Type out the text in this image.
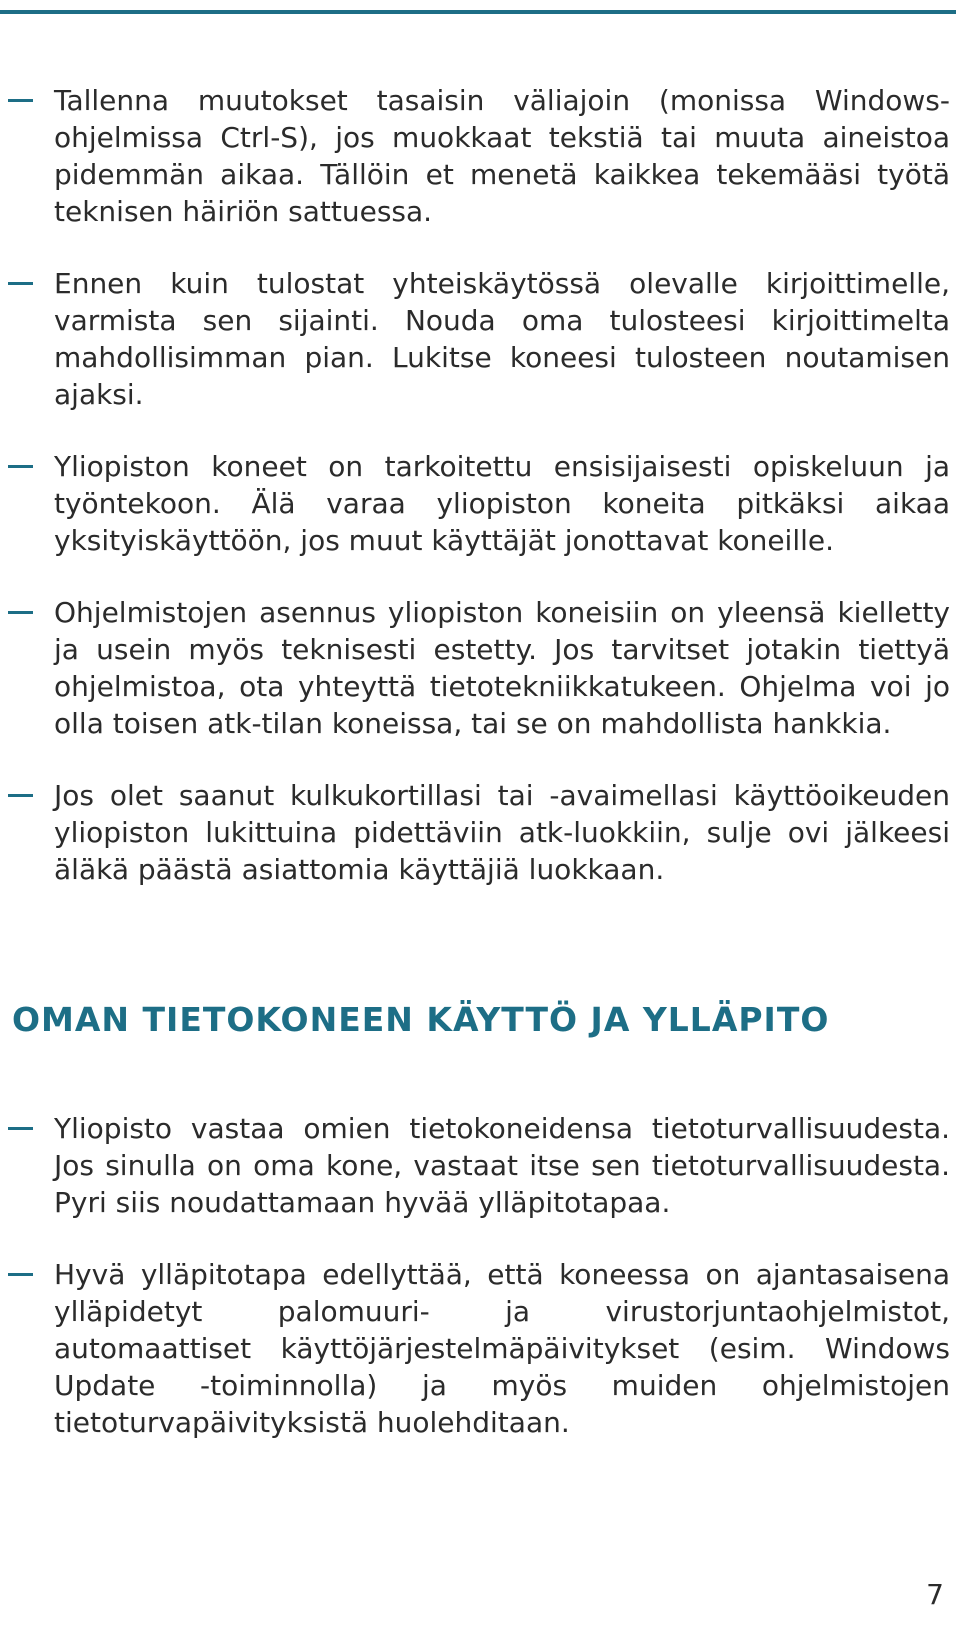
Tallenna muutokset tasaisin väliajoin (monissa Windows-ohjelmissa Ctrl-S), jos muokkaat tekstiä tai muuta aineistoa pidemmän aikaa. Tällöin et menetä kaikkea tekemääsi työtä teknisen häiriön sattuessa.
Ennen kuin tulostat yhteiskäytössä olevalle kirjoittimelle, varmista sen sijainti. Nouda oma tulosteesi kirjoittimelta mahdollisimman pian. Lukitse koneesi tulosteen noutamisen ajaksi.
Yliopiston koneet on tarkoitettu ensisijaisesti opiskeluun ja työntekoon. Älä varaa yliopiston koneita pitkäksi aikaa yksityiskäyttöön, jos muut käyttäjät jonottavat koneille.
Ohjelmistojen asennus yliopiston koneisiin on yleensä kielletty ja usein myös teknisesti estetty. Jos tarvitset jotakin tiettyä ohjelmistoa, ota yhteyttä tietotekniikkatukeen. Ohjelma voi jo olla toisen atk-tilan koneissa, tai se on mahdollista hankkia.
Jos olet saanut kulkukortillasi tai -avaimellasi käyttöoikeuden yliopiston lukittuina pidettäviin atk-luokkiin, sulje ovi jälkeesi äläkä päästä asiattomia käyttäjiä luokkaan.
OMAN TIETOKONEEN KÄYTTÖ JA YLLÄPITO
Yliopisto vastaa omien tietokoneidensa tietoturvallisuudesta. Jos sinulla on oma kone, vastaat itse sen tietoturvallisuudesta. Pyri siis noudattamaan hyvää ylläpitotapaa.
Hyvä ylläpitotapa edellyttää, että koneessa on ajantasaisena ylläpidetyt palomuuri- ja virustorjuntaohjelmistot, automaattiset käyttöjärjestelmäpäivitykset (esim. Windows Update -toiminnolla) ja myös muiden ohjelmistojen tietoturvapäivityksistä huolehditaan.
7
